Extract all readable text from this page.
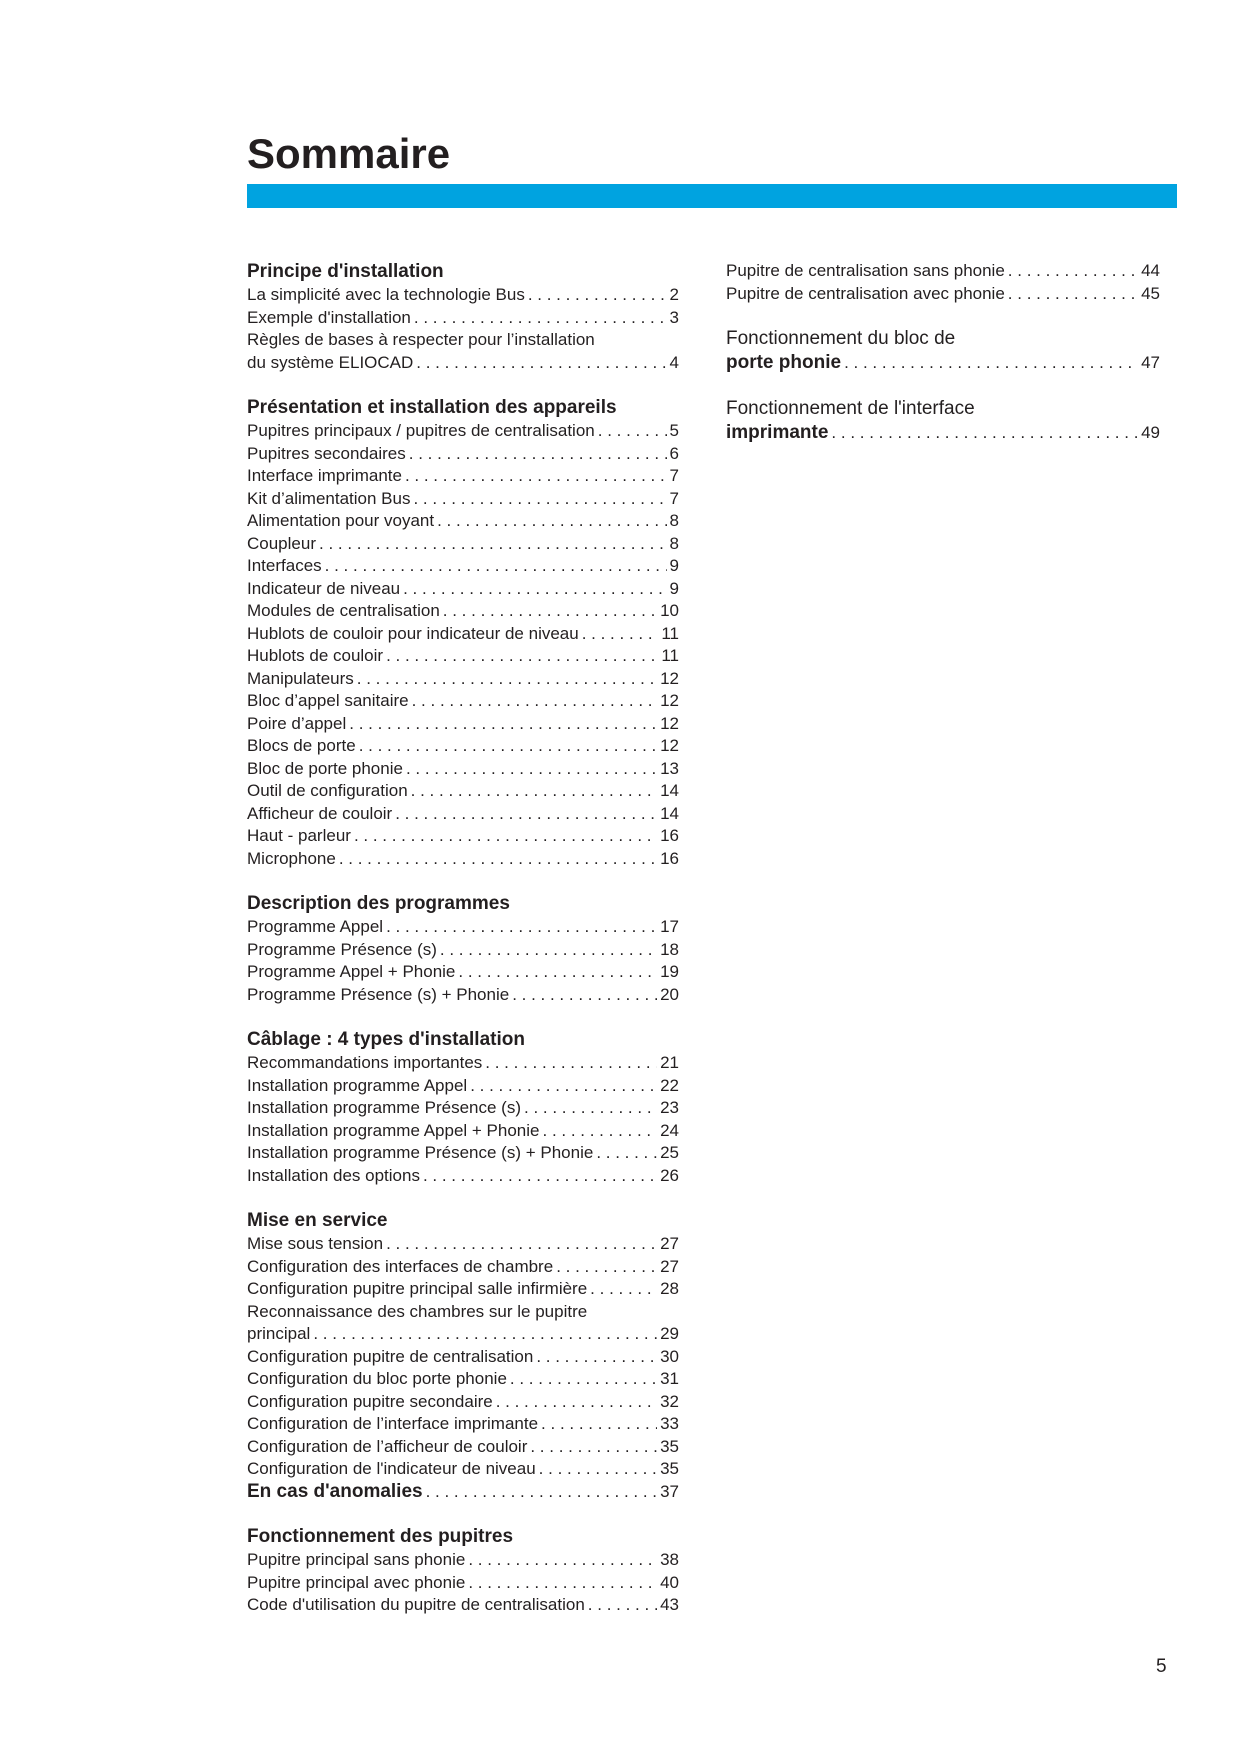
Sommaire
Principe d'installation
La simplicité avec la technologie Bus . . .	2
Exemple d'installation . . .	3
Règles de bases à respecter pour l’installation
du système ELIOCAD . . .	4
Présentation et installation des appareils
Pupitres principaux / pupitres de centralisation . . .	5
Pupitres secondaires . . .	6
Interface imprimante . . .	7
Kit d’alimentation Bus . . .	7
Alimentation pour voyant . . .	8
Coupleur . . .	8
Interfaces . . .	9
Indicateur de niveau . . .	9
Modules de centralisation . . .	10
Hublots de couloir pour indicateur de niveau . . .	11
Hublots de couloir . . .	11
Manipulateurs . . .	12
Bloc d’appel sanitaire . . .	12
Poire d’appel . . .	12
Blocs de porte . . .	12
Bloc de porte phonie . . .	13
Outil de configuration . . .	14
Afficheur de couloir . . .	14
Haut - parleur . . .	16
Microphone . . .	16
Description des programmes
Programme Appel . . .	17
Programme Présence (s) . . .	18
Programme Appel + Phonie . . .	19
Programme Présence (s) + Phonie . . .	20
Câblage : 4 types d'installation
Recommandations importantes . . .	21
Installation programme Appel . . .	22
Installation programme Présence (s) . . .	23
Installation programme Appel + Phonie . . .	24
Installation programme Présence (s) + Phonie . . .	25
Installation des options . . .	26
Mise en service
Mise sous tension . . .	27
Configuration des interfaces de chambre . . .	27
Configuration pupitre principal salle infirmière . . .	28
Reconnaissance des chambres sur le pupitre
principal . . .	29
Configuration pupitre de centralisation . . .	30
Configuration du bloc porte phonie . . .	31
Configuration pupitre secondaire . . .	32
Configuration de l’interface imprimante . . .	33
Configuration de l’afficheur de couloir . . .	35
Configuration de l'indicateur de niveau . . .	35
En cas d'anomalies . . .	37
Fonctionnement des pupitres
Pupitre principal sans phonie . . .	38
Pupitre principal avec phonie . . .	40
Code d'utilisation du pupitre de centralisation . . .	43
Pupitre de centralisation sans phonie . . .	44
Pupitre de centralisation avec phonie . . .	45
Fonctionnement du bloc de
porte phonie . . .	47
Fonctionnement de l'interface
imprimante . . .	49
5
